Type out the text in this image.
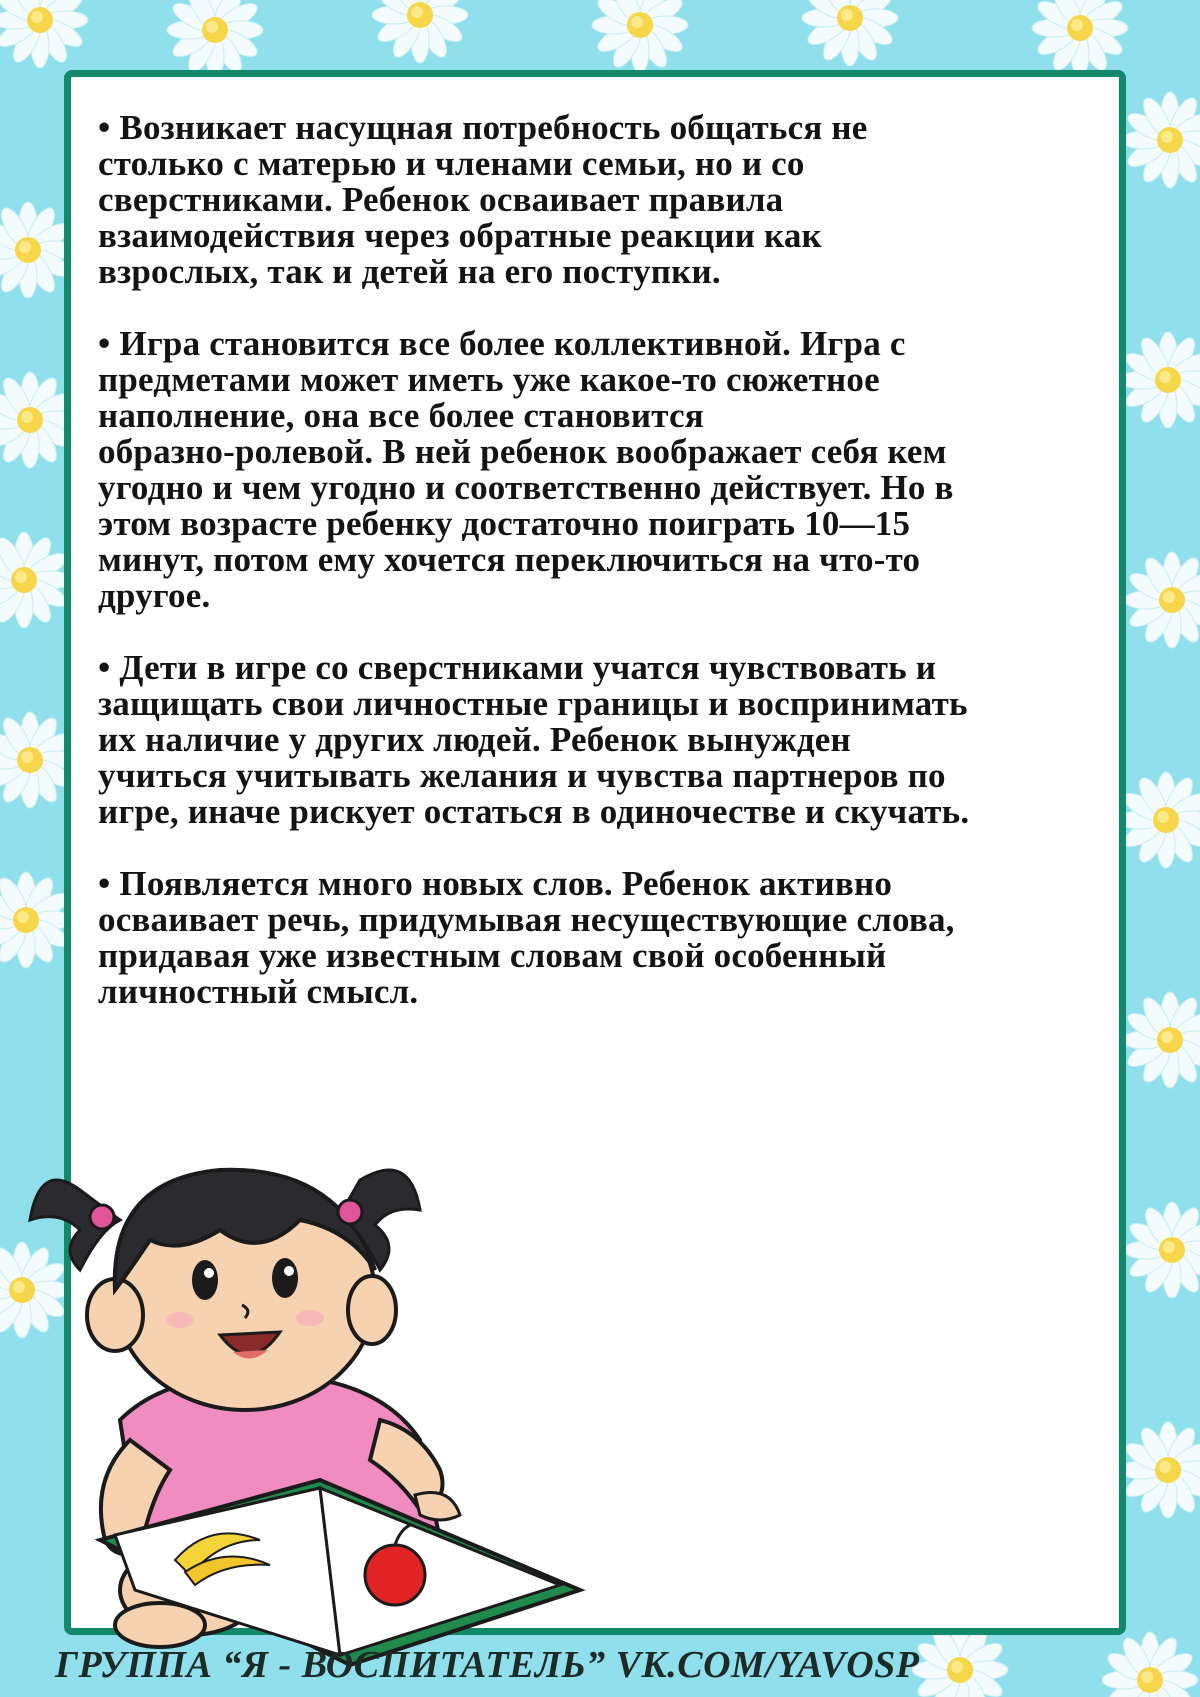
• Возникает насущная потребность общаться не
столько с матерью и членами семьи, но и со
сверстниками. Ребенок осваивает правила
взаимодействия через обратные реакции как
взрослых, так и детей на его поступки.

• Игра становится все более коллективной. Игра с
предметами может иметь уже какое-то сюжетное
наполнение, она все более становится
образно-ролевой. В ней ребенок воображает себя кем
угодно и чем угодно и соответственно действует. Но в
этом возрасте ребенку достаточно поиграть 10—15
минут, потом ему хочется переключиться на что-то
другое.

• Дети в игре со сверстниками учатся чувствовать и
защищать свои личностные границы и воспринимать
их наличие у других людей. Ребенок вынужден
учиться учитывать желания и чувства партнеров по
игре, иначе рискует остаться в одиночестве и скучать.

• Появляется много новых слов. Ребенок активно
осваивает речь, придумывая несуществующие слова,
придавая уже известным словам свой особенный
личностный смысл.

ГРУППА “Я - ВОСПИТАТЕЛЬ” VK.COM/YAVOSP
